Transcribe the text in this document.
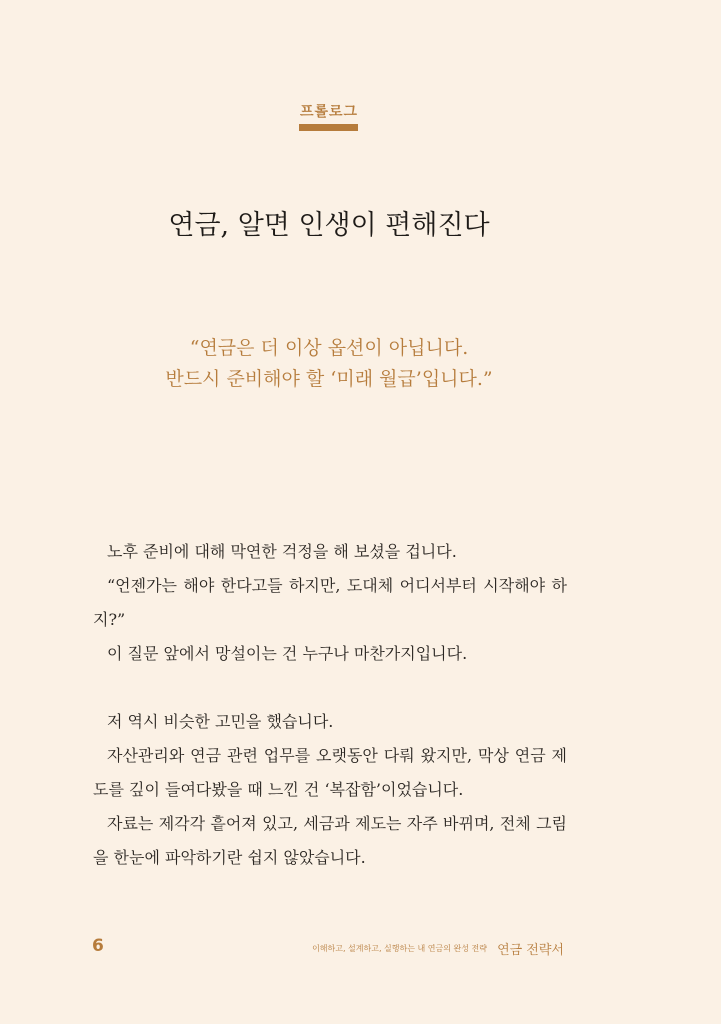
프롤로그
연금, 알면 인생이 편해진다
“연금은 더 이상 옵션이 아닙니다.
반드시 준비해야 할 ‘미래 월급’입니다.”

노후 준비에 대해 막연한 걱정을 해 보셨을 겁니다.

“언젠가는 해야 한다고들 하지만, 도대체 어디서부터 시작해야 하지?”

이 질문 앞에서 망설이는 건 누구나 마찬가지입니다.

저 역시 비슷한 고민을 했습니다.

자산관리와 연금 관련 업무를 오랫동안 다뤄 왔지만, 막상 연금 제도를 깊이 들여다봤을 때 느낀 건 ‘복잡함’이었습니다.

자료는 제각각 흩어져 있고, 세금과 제도는 자주 바뀌며, 전체 그림을 한눈에 파악하기란 쉽지 않았습니다.

6	이해하고, 설계하고, 실행하는 내 연금의 완성 전략 연금 전략서
